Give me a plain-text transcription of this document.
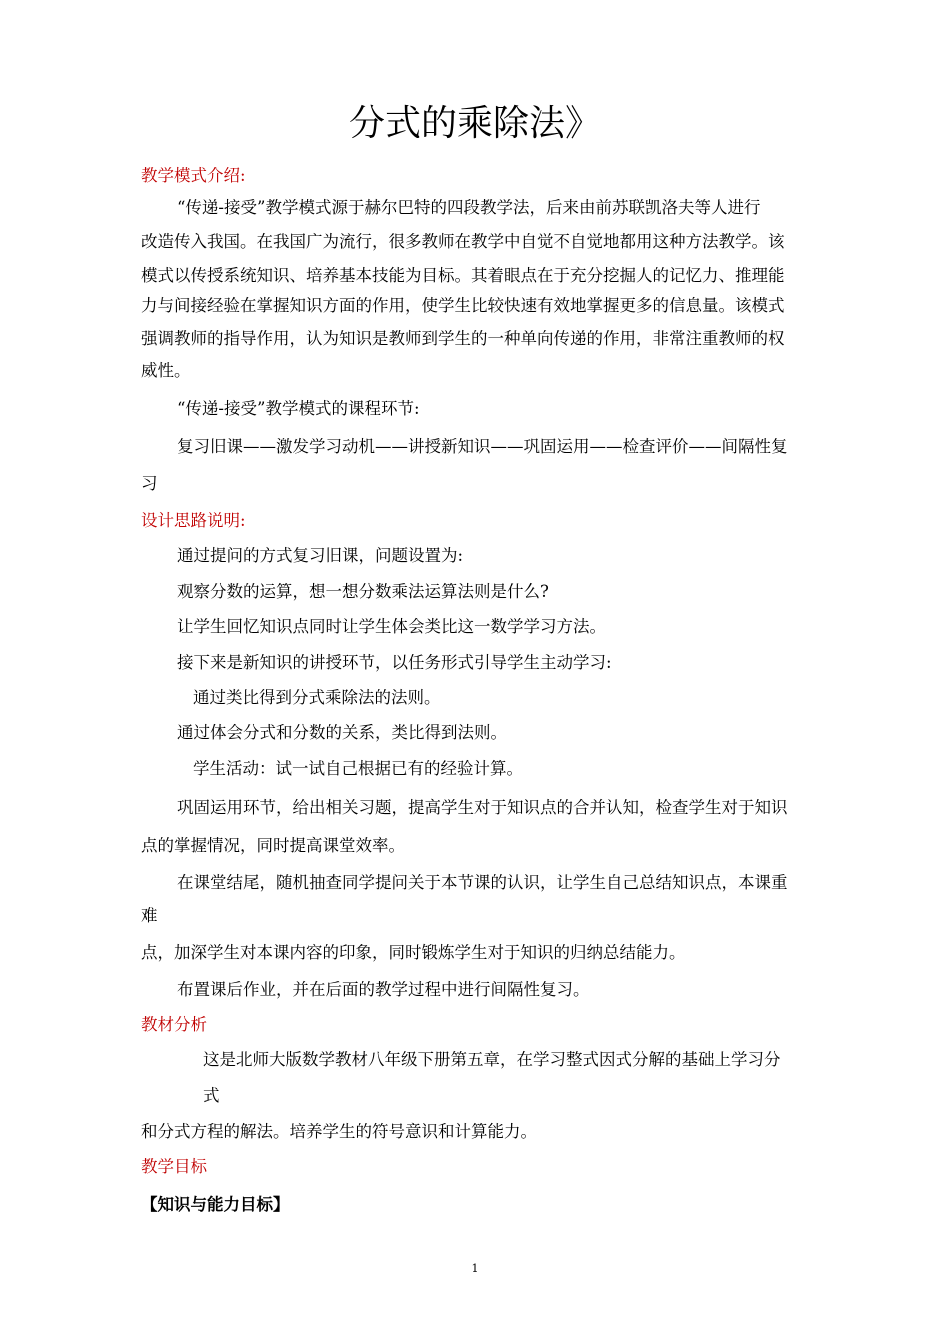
分式的乘除法》
教学模式介绍:
“传递-接受”教学模式源于赫尔巴特的四段教学法，后来由前苏联凯洛夫等人进行
改造传入我国。在我国广为流行，很多教师在教学中自觉不自觉地都用这种方法教学。该
模式以传授系统知识、培养基本技能为目标。其着眼点在于充分挖掘人的记忆力、推理能
力与间接经验在掌握知识方面的作用，使学生比较快速有效地掌握更多的信息量。该模式
强调教师的指导作用，认为知识是教师到学生的一种单向传递的作用，非常注重教师的权
威性。
“传递-接受”教学模式的课程环节:
复习旧课——激发学习动机——讲授新知识——巩固运用——检查评价——间隔性复
习
设计思路说明:
通过提问的方式复习旧课，问题设置为:
观察分数的运算，想一想分数乘法运算法则是什么?
让学生回忆知识点同时让学生体会类比这一数学学习方法。
接下来是新知识的讲授环节，以任务形式引导学生主动学习:
通过类比得到分式乘除法的法则。
通过体会分式和分数的关系，类比得到法则。
学生活动：试一试自己根据已有的经验计算。
巩固运用环节，给出相关习题，提高学生对于知识点的合并认知，检查学生对于知识
点的掌握情况，同时提高课堂效率。
在课堂结尾，随机抽查同学提问关于本节课的认识，让学生自己总结知识点，本课重
难
点，加深学生对本课内容的印象，同时锻炼学生对于知识的归纳总结能力。
布置课后作业，并在后面的教学过程中进行间隔性复习。
教材分析
这是北师大版数学教材八年级下册第五章，在学习整式因式分解的基础上学习分
式
和分式方程的解法。培养学生的符号意识和计算能力。
教学目标
【知识与能力目标】
1
